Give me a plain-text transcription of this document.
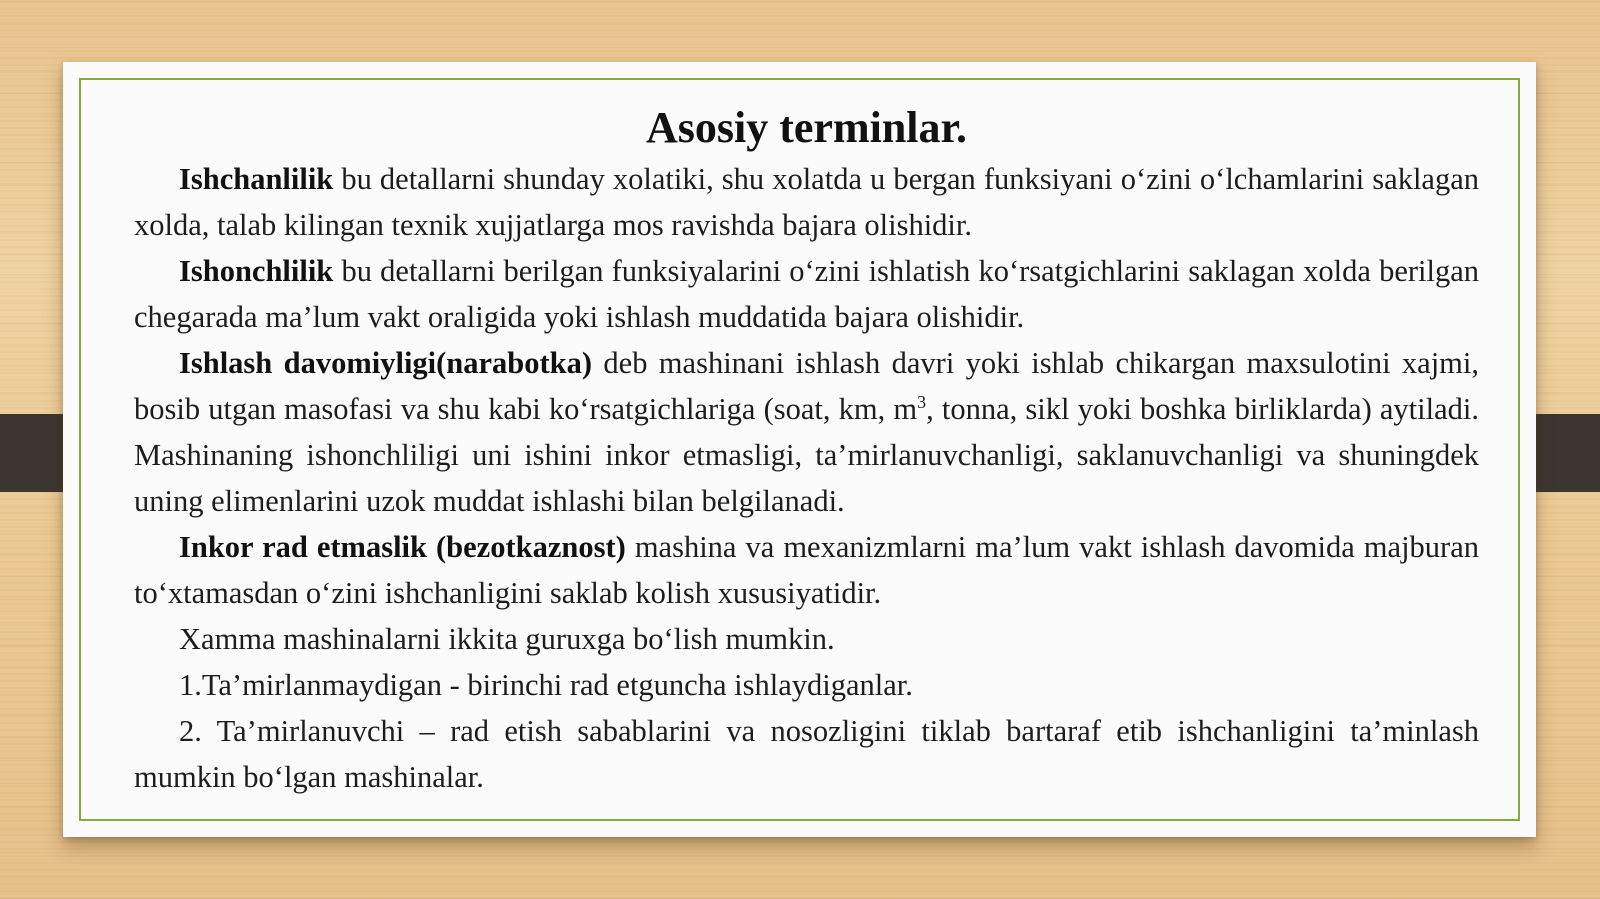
Asosiy terminlar.

Ishchanlilik bu detallarni shunday xolatiki, shu xolatda u bergan funksiyani o‘zini o‘lchamlarini saklagan xolda, talab kilingan texnik xujjatlarga mos ravishda bajara olishidir.

Ishonchlilik bu detallarni berilgan funksiyalarini o‘zini ishlatish ko‘rsatgichlarini saklagan xolda berilgan chegarada ma’lum vakt oraligida yoki ishlash muddatida bajara olishidir.

Ishlash davomiyligi(narabotka) deb mashinani ishlash davri yoki ishlab chikargan maxsulotini xajmi, bosib utgan masofasi va shu kabi ko‘rsatgichlariga (soat, km, $m^3$, tonna, sikl yoki boshka birliklarda) aytiladi. Mashinaning ishonchliligi uni ishini inkor etmasligi, ta’mirlanuvchanligi, saklanuvchanligi va shuningdek uning elimenlarini uzok muddat ishlashi bilan belgilanadi.

Inkor rad etmaslik (bezotkaznost) mashina va mexanizmlarni ma’lum vakt ishlash davomida majburan to‘xtamasdan o‘zini ishchanligini saklab kolish xususiyatidir.

Xamma mashinalarni ikkita guruxga bo‘lish mumkin.

1.Ta’mirlanmaydigan - birinchi rad etguncha ishlaydiganlar.

2. Ta’mirlanuvchi – rad etish sabablarini va nosozligini tiklab bartaraf etib ishchanligini ta’minlash mumkin bo‘lgan mashinalar.
